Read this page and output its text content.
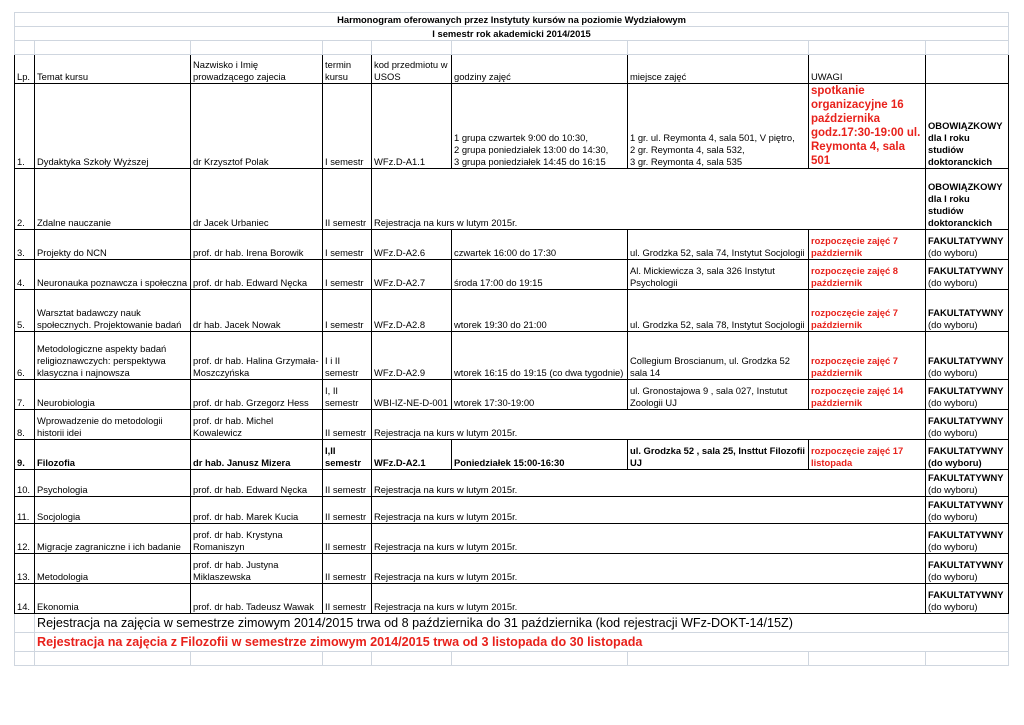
Harmonogram oferowanych przez Instytuty kursów na poziomie Wydziałowym								
I semestr rok akademicki 2014/2015								

Lp.	Temat kursu	Nazwisko i Imię prowadzącego zajecia	termin kursu	kod przedmiotu w USOS	godziny zajęć	miejsce zajęć	UWAGI	
1.	Dydaktyka Szkoły Wyższej	dr Krzysztof Polak	I semestr	WFz.D-A1.1	1 grupa czwartek 9:00 do 10:30,
2 grupa poniedziałek 13:00 do 14:30,
3 grupa poniedziałek 14:45 do 16:15	1 gr. ul. Reymonta 4, sala 501, V piętro,
2 gr. Reymonta 4, sala 532,
3 gr. Reymonta 4, sala 535	spotkanie organizacyjne 16 października godz.17:30-19:00 ul. Reymonta 4, sala 501	OBOWIĄZKOWY dla I roku studiów doktoranckich
2.	Zdalne nauczanie	dr Jacek Urbaniec	II semestr	Rejestracja na kurs w lutym 2015r.				OBOWIĄZKOWY dla I roku studiów doktoranckich
3.	Projekty do NCN	prof. dr hab. Irena Borowik	I semestr	WFz.D-A2.6	czwartek 16:00 do 17:30	ul. Grodzka 52, sala 74, Instytut Socjologii	rozpoczęcie zajęć 7 październik	FAKULTATYWNY (do wyboru)
4.	Neuronauka poznawcza i społeczna	prof. dr hab. Edward Nęcka	I semestr	WFz.D-A2.7	środa 17:00 do 19:15	Al. Mickiewicza 3, sala 326 Instytut Psychologii	rozpoczęcie zajęć 8 październik	FAKULTATYWNY (do wyboru)
5.	Warsztat badawczy nauk społecznych. Projektowanie badań	dr hab. Jacek Nowak	I semestr	WFz.D-A2.8	wtorek 19:30 do 21:00	ul. Grodzka 52, sala 78, Instytut Socjologii	rozpoczęcie zajęć 7 październik	FAKULTATYWNY (do wyboru)
6.	Metodologiczne aspekty badań religioznawczych: perspektywa klasyczna i najnowsza	prof. dr hab. Halina Grzymała-Moszczyńska	I i II semestr	WFz.D-A2.9	wtorek 16:15 do 19:15 (co dwa tygodnie)	Collegium Broscianum, ul. Grodzka 52 sala 14	rozpoczęcie zajęć 7 październik	FAKULTATYWNY (do wyboru)
7.	Neurobiologia	prof. dr hab. Grzegorz Hess	I, II semestr	WBI-IZ-NE-D-001	wtorek 17:30-19:00	ul. Gronostajowa 9 , sala 027, Instutut Zoologii UJ	rozpoczęcie zajęć 14 październik	FAKULTATYWNY (do wyboru)
8.	Wprowadzenie do metodologii historii idei	prof. dr hab. Michel Kowalewicz	II semestr	Rejestracja na kurs w lutym 2015r.				FAKULTATYWNY (do wyboru)
9.	Filozofia	dr hab. Janusz Mizera	I,II semestr	WFz.D-A2.1	Poniedziałek 15:00-16:30	ul. Grodzka 52 , sala 25, Insttut Filozofii UJ	rozpoczęcie zajęć 17 listopada	FAKULTATYWNY (do wyboru)
10.	Psychologia	prof. dr hab. Edward Nęcka	II semestr	Rejestracja na kurs w lutym 2015r.				FAKULTATYWNY (do wyboru)
11.	Socjologia	prof. dr hab. Marek Kucia	II semestr	Rejestracja na kurs w lutym 2015r.				FAKULTATYWNY (do wyboru)
12.	Migracje zagraniczne i ich badanie	prof. dr hab. Krystyna Romaniszyn	II semestr	Rejestracja na kurs w lutym 2015r.				FAKULTATYWNY (do wyboru)
13.	Metodologia	prof. dr hab. Justyna Miklaszewska	II semestr	Rejestracja na kurs w lutym 2015r.				FAKULTATYWNY (do wyboru)
14.	Ekonomia	prof. dr hab. Tadeusz Wawak	II semestr	Rejestracja na kurs w lutym 2015r.				FAKULTATYWNY (do wyboru)
	Rejestracja na zajęcia w semestrze zimowym 2014/2015 trwa od 8 października do 31 października (kod rejestracji WFz-DOKT-14/15Z)							
	Rejestracja na zajęcia z Filozofii w semestrze zimowym 2014/2015 trwa od 3 listopada do 30 listopada							
